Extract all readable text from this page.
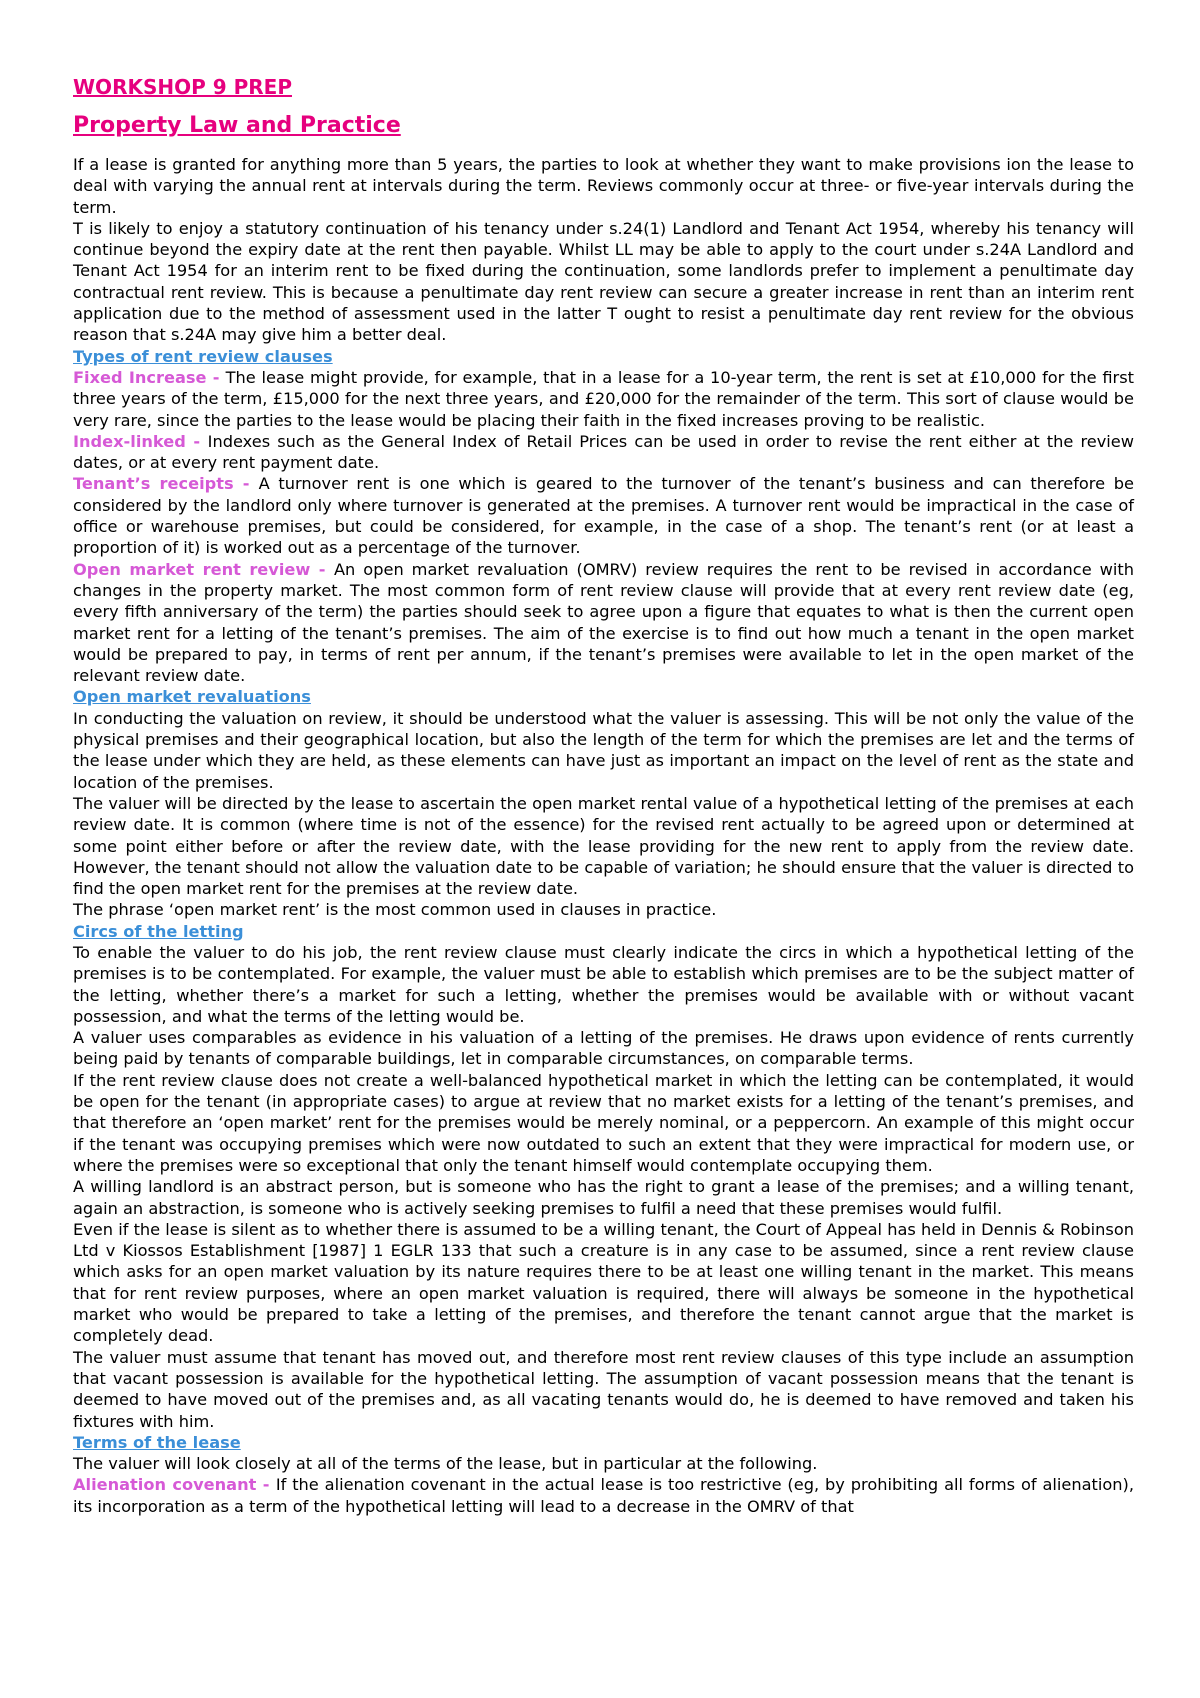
WORKSHOP 9 PREP
Property Law and Practice

If a lease is granted for anything more than 5 years, the parties to look at whether they want to make provisions ion the lease to deal with varying the annual rent at intervals during the term. Reviews commonly occur at three- or five-year intervals during the term.

T is likely to enjoy a statutory continuation of his tenancy under s.24(1) Landlord and Tenant Act 1954, whereby his tenancy will continue beyond the expiry date at the rent then payable. Whilst LL may be able to apply to the court under s.24A Landlord and Tenant Act 1954 for an interim rent to be fixed during the continuation, some landlords prefer to implement a penultimate day contractual rent review. This is because a penultimate day rent review can secure a greater increase in rent than an interim rent application due to the method of assessment used in the latter T ought to resist a penultimate day rent review for the obvious reason that s.24A may give him a better deal.

Types of rent review clauses

Fixed Increase - The lease might provide, for example, that in a lease for a 10-year term, the rent is set at £10,000 for the first three years of the term, £15,000 for the next three years, and £20,000 for the remainder of the term. This sort of clause would be very rare, since the parties to the lease would be placing their faith in the fixed increases proving to be realistic.

Index-linked - Indexes such as the General Index of Retail Prices can be used in order to revise the rent either at the review dates, or at every rent payment date.

Tenant’s receipts - A turnover rent is one which is geared to the turnover of the tenant’s business and can therefore be considered by the landlord only where turnover is generated at the premises. A turnover rent would be impractical in the case of office or warehouse premises, but could be considered, for example, in the case of a shop. The tenant’s rent (or at least a proportion of it) is worked out as a percentage of the turnover.

Open market rent review - An open market revaluation (OMRV) review requires the rent to be revised in accordance with changes in the property market. The most common form of rent review clause will provide that at every rent review date (eg, every fifth anniversary of the term) the parties should seek to agree upon a figure that equates to what is then the current open market rent for a letting of the tenant’s premises. The aim of the exercise is to find out how much a tenant in the open market would be prepared to pay, in terms of rent per annum, if the tenant’s premises were available to let in the open market of the relevant review date.

Open market revaluations

In conducting the valuation on review, it should be understood what the valuer is assessing. This will be not only the value of the physical premises and their geographical location, but also the length of the term for which the premises are let and the terms of the lease under which they are held, as these elements can have just as important an impact on the level of rent as the state and location of the premises.

The valuer will be directed by the lease to ascertain the open market rental value of a hypothetical letting of the premises at each review date. It is common (where time is not of the essence) for the revised rent actually to be agreed upon or determined at some point either before or after the review date, with the lease providing for the new rent to apply from the review date. However, the tenant should not allow the valuation date to be capable of variation; he should ensure that the valuer is directed to find the open market rent for the premises at the review date.

The phrase ‘open market rent’ is the most common used in clauses in practice.

Circs of the letting

To enable the valuer to do his job, the rent review clause must clearly indicate the circs in which a hypothetical letting of the premises is to be contemplated. For example, the valuer must be able to establish which premises are to be the subject matter of the letting, whether there’s a market for such a letting, whether the premises would be available with or without vacant possession, and what the terms of the letting would be.

A valuer uses comparables as evidence in his valuation of a letting of the premises. He draws upon evidence of rents currently being paid by tenants of comparable buildings, let in comparable circumstances, on comparable terms.

If the rent review clause does not create a well-balanced hypothetical market in which the letting can be contemplated, it would be open for the tenant (in appropriate cases) to argue at review that no market exists for a letting of the tenant’s premises, and that therefore an ‘open market’ rent for the premises would be merely nominal, or a peppercorn. An example of this might occur if the tenant was occupying premises which were now outdated to such an extent that they were impractical for modern use, or where the premises were so exceptional that only the tenant himself would contemplate occupying them.

A willing landlord is an abstract person, but is someone who has the right to grant a lease of the premises; and a willing tenant, again an abstraction, is someone who is actively seeking premises to fulfil a need that these premises would fulfil.

Even if the lease is silent as to whether there is assumed to be a willing tenant, the Court of Appeal has held in Dennis & Robinson Ltd v Kiossos Establishment [1987] 1 EGLR 133 that such a creature is in any case to be assumed, since a rent review clause which asks for an open market valuation by its nature requires there to be at least one willing tenant in the market. This means that for rent review purposes, where an open market valuation is required, there will always be someone in the hypothetical market who would be prepared to take a letting of the premises, and therefore the tenant cannot argue that the market is completely dead.

The valuer must assume that tenant has moved out, and therefore most rent review clauses of this type include an assumption that vacant possession is available for the hypothetical letting. The assumption of vacant possession means that the tenant is deemed to have moved out of the premises and, as all vacating tenants would do, he is deemed to have removed and taken his fixtures with him.

Terms of the lease

The valuer will look closely at all of the terms of the lease, but in particular at the following.

Alienation covenant - If the alienation covenant in the actual lease is too restrictive (eg, by prohibiting all forms of alienation), its incorporation as a term of the hypothetical letting will lead to a decrease in the OMRV of that
